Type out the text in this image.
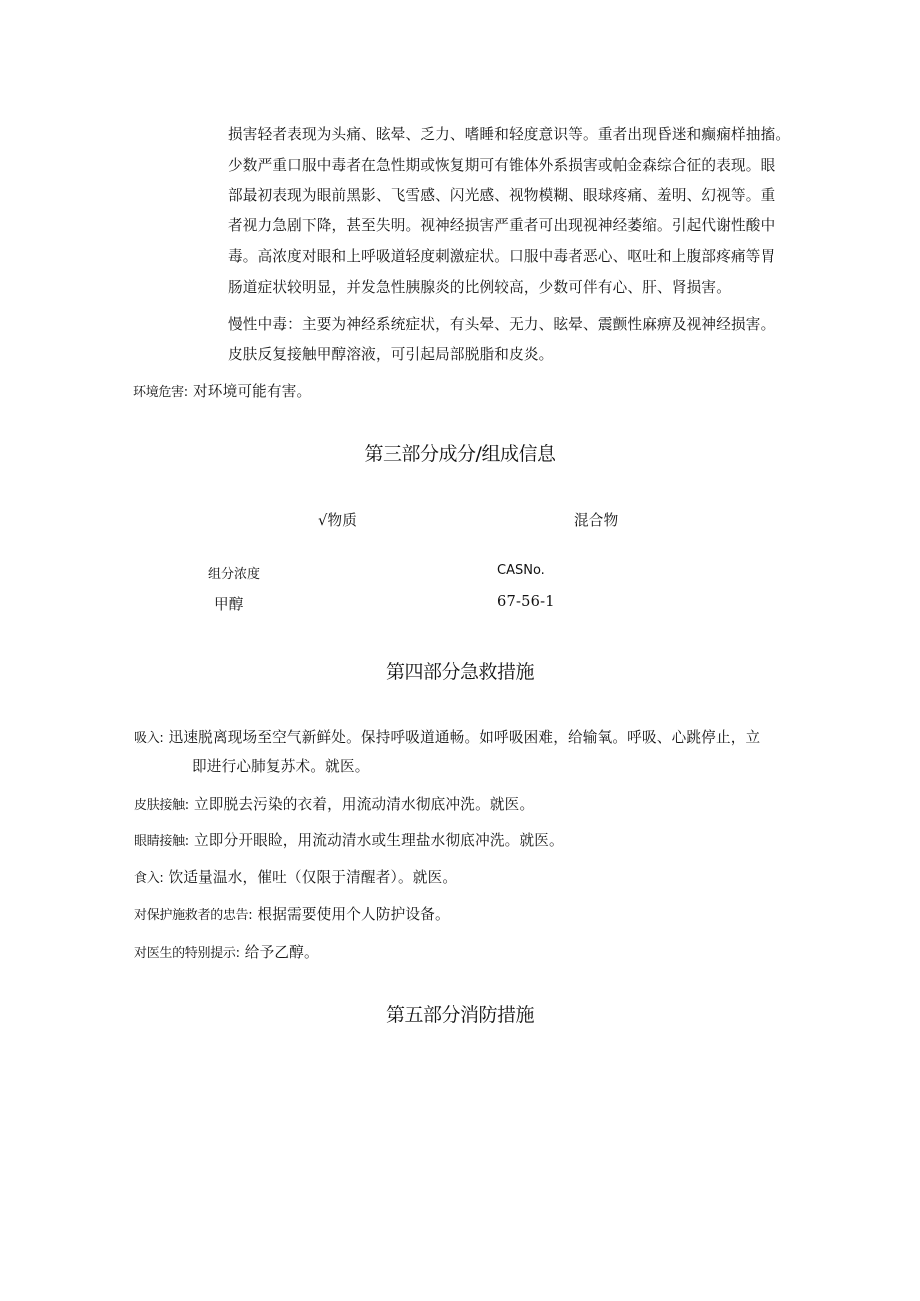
损害轻者表现为头痛、眩晕、乏力、嗜睡和轻度意识等。重者出现昏迷和癫痫样抽搐。
少数严重口服中毒者在急性期或恢复期可有锥体外系损害或帕金森综合征的表现。眼
部最初表现为眼前黑影、飞雪感、闪光感、视物模糊、眼球疼痛、羞明、幻视等。重
者视力急剧下降，甚至失明。视神经损害严重者可出现视神经萎缩。引起代谢性酸中
毒。高浓度对眼和上呼吸道轻度刺激症状。口服中毒者恶心、呕吐和上腹部疼痛等胃
肠道症状较明显，并发急性胰腺炎的比例较高，少数可伴有心、肝、肾损害。
慢性中毒：主要为神经系统症状，有头晕、无力、眩晕、震颤性麻痹及视神经损害。
皮肤反复接触甲醇溶液，可引起局部脱脂和皮炎。
环境危害: 对环境可能有害。
第三部分成分/组成信息
√物质	混合物
组分浓度	CASNo.
甲醇	67-56-1
第四部分急救措施
吸入: 迅速脱离现场至空气新鲜处。保持呼吸道通畅。如呼吸困难，给输氧。呼吸、心跳停止，立
即进行心肺复苏术。就医。
皮肤接触: 立即脱去污染的衣着，用流动清水彻底冲洗。就医。
眼睛接触: 立即分开眼睑，用流动清水或生理盐水彻底冲洗。就医。
食入: 饮适量温水，催吐（仅限于清醒者）。就医。
对保护施救者的忠告: 根据需要使用个人防护设备。
对医生的特别提示: 给予乙醇。
第五部分消防措施
